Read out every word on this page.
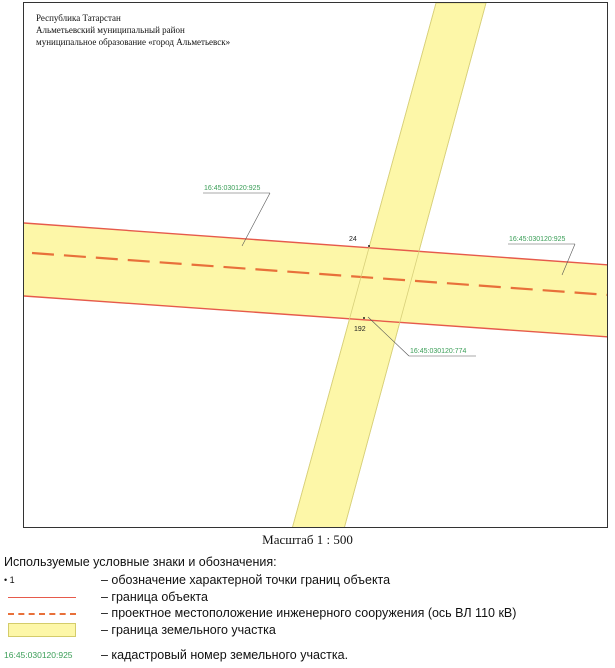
16:45:030120:925
16:45:030120:925
16:45:030120:774
24
192
Республика Татарстан
Альметьевский муниципальный район
муниципальное образование «город Альметьевск»
Масштаб 1 : 500
Используемые условные знаки и обозначения:
• 1	– обозначение характерной точки границ объекта
– граница объекта
– проектное местоположение инженерного сооружения (ось ВЛ 110 кВ)
– граница земельного участка
16:45:030120:925	– кадастровый номер земельного участка.
